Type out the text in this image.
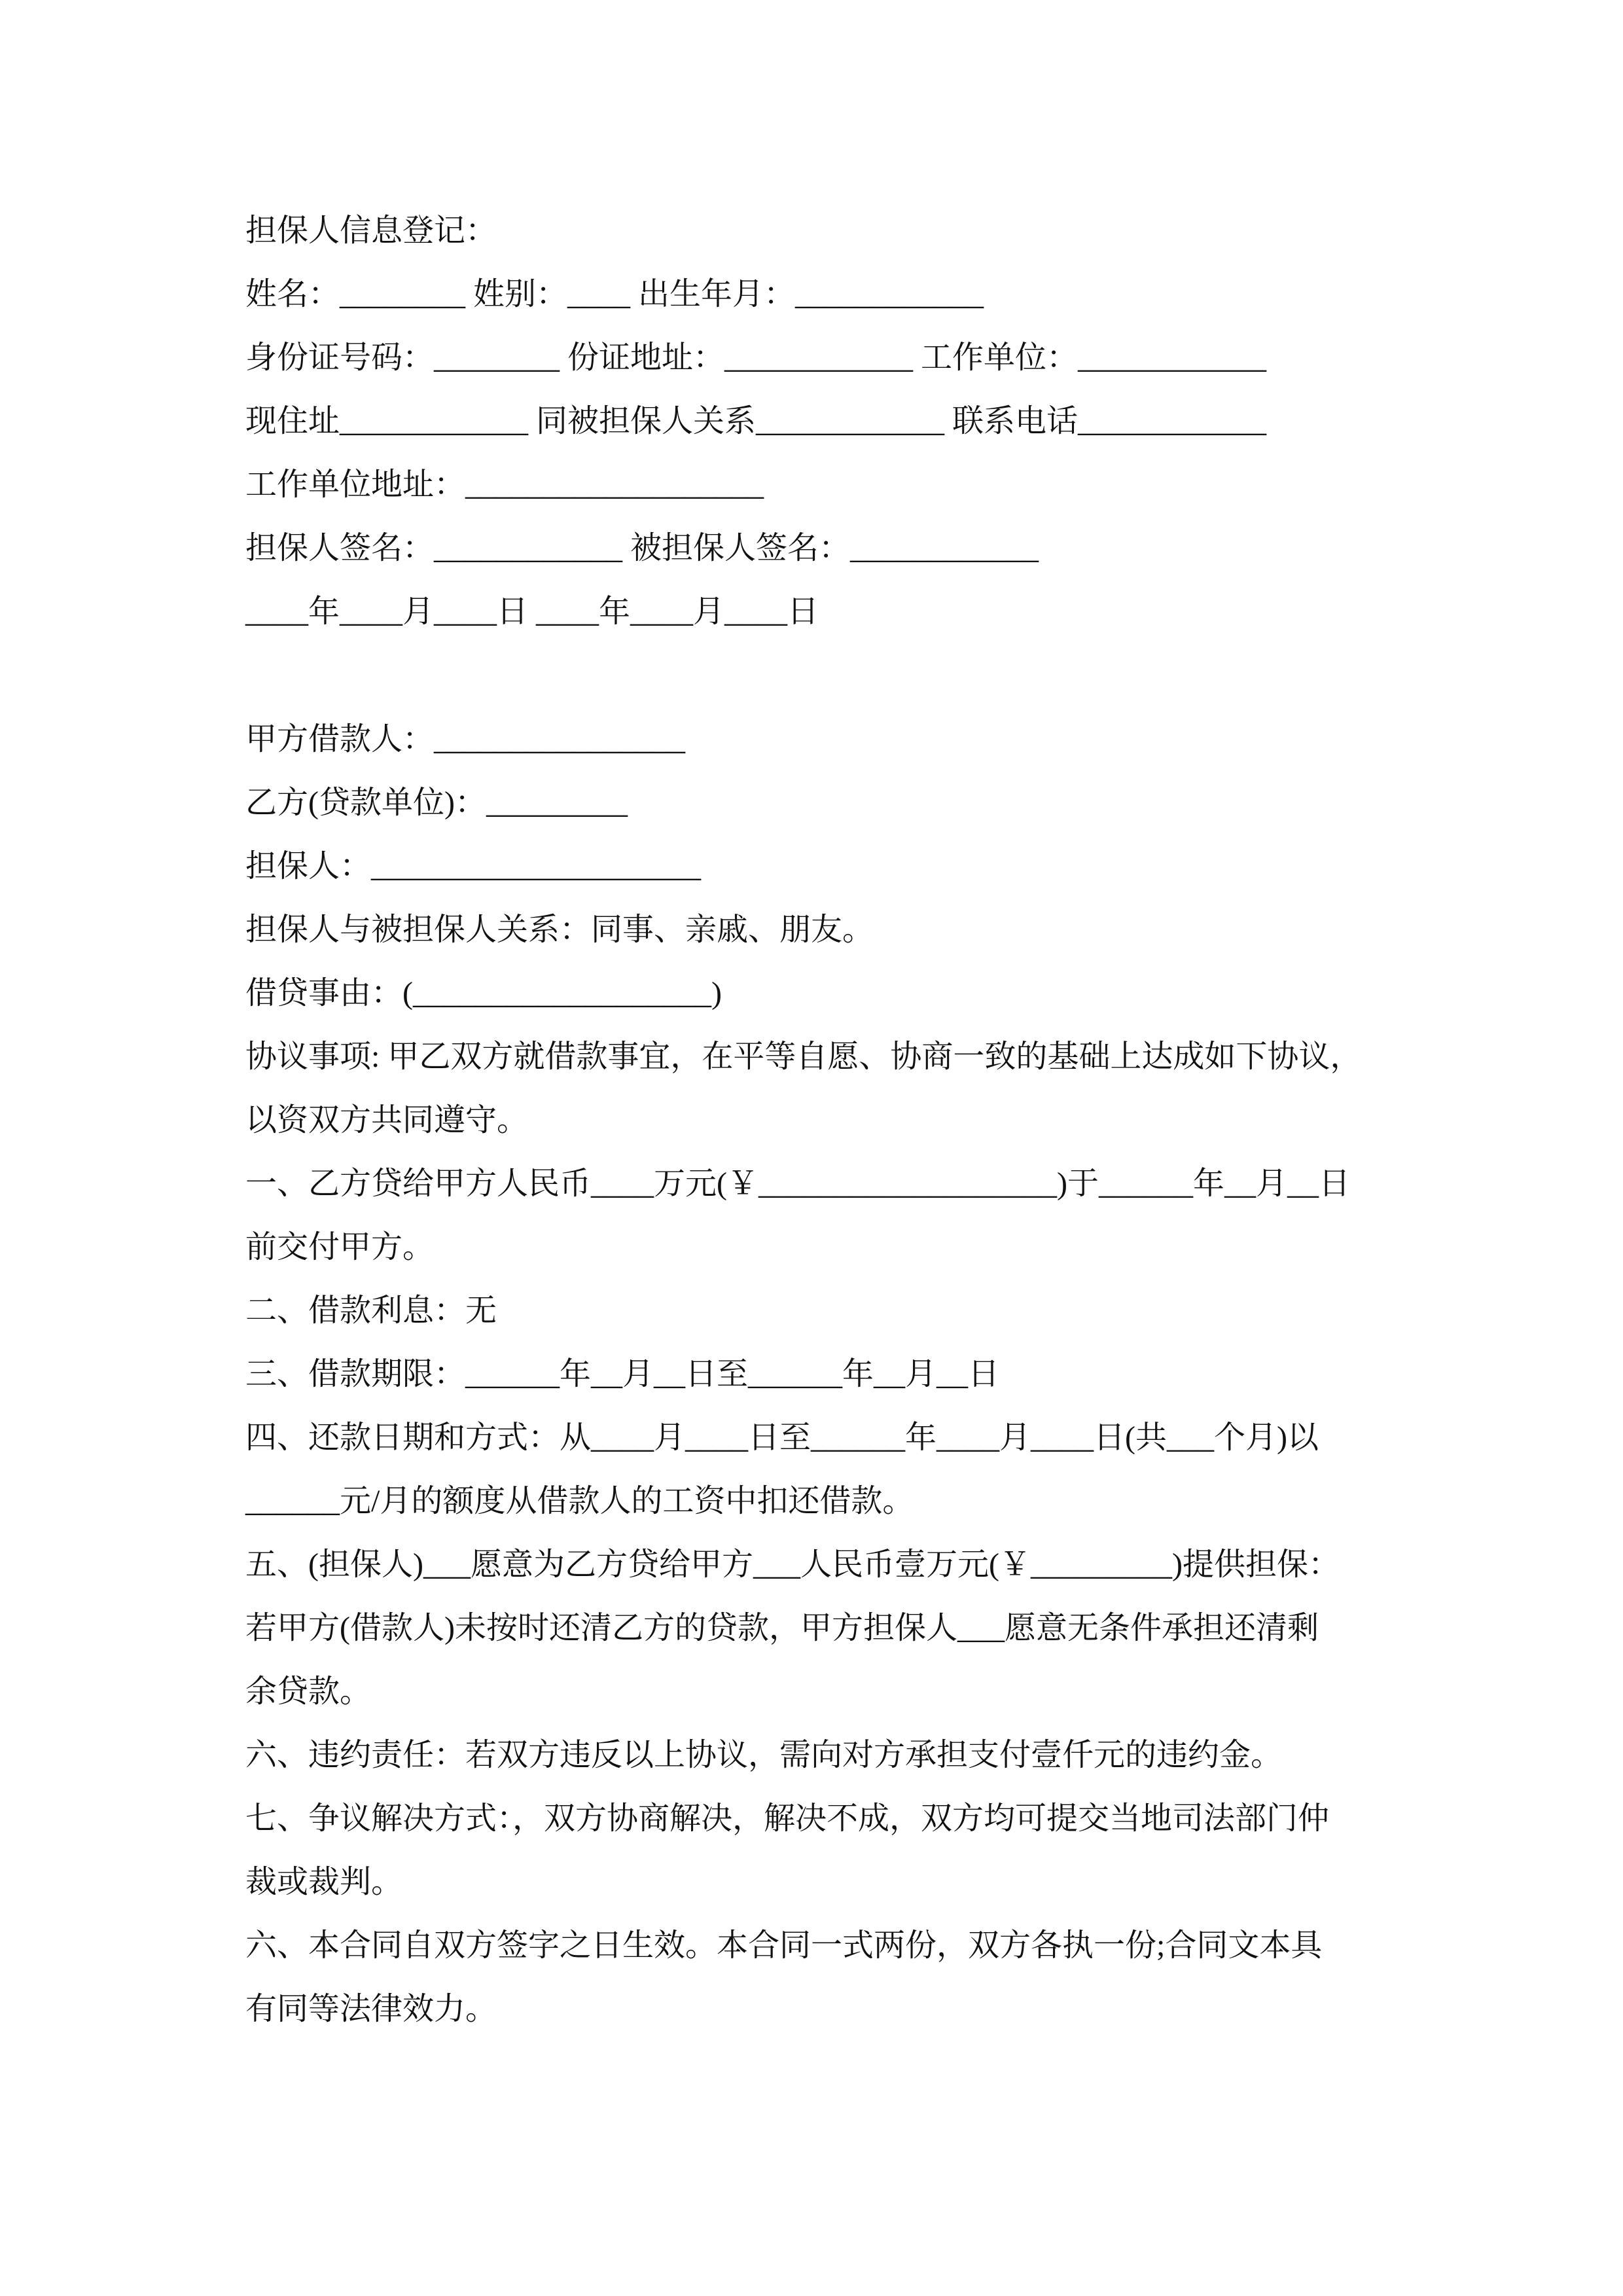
担保人信息登记：
姓名：________ 姓别：____ 出生年月：____________
身份证号码：________ 份证地址：____________ 工作单位：____________
现住址____________ 同被担保人关系____________ 联系电话____________
工作单位地址：___________________
担保人签名：____________ 被担保人签名：____________
____年____月____日 ____年____月____日
甲方借款人：________________
乙方(贷款单位)：_________
担保人：_____________________
担保人与被担保人关系：同事、亲戚、朋友。
借贷事由：(___________________)
协议事项: 甲乙双方就借款事宜，在平等自愿、协商一致的基础上达成如下协议，
以资双方共同遵守。
一、乙方贷给甲方人民币____万元(￥___________________)于______年__月__日
前交付甲方。
二、借款利息：无
三、借款期限：______年__月__日至______年__月__日
四、还款日期和方式：从____月____日至______年____月____日(共___个月)以
______元/月的额度从借款人的工资中扣还借款。
五、(担保人)___愿意为乙方贷给甲方___人民币壹万元(￥_________)提供担保：
若甲方(借款人)未按时还清乙方的贷款，甲方担保人___愿意无条件承担还清剩
余贷款。
六、违约责任：若双方违反以上协议，需向对方承担支付壹仟元的违约金。
七、争议解决方式：，双方协商解决，解决不成，双方均可提交当地司法部门仲
裁或裁判。
六、本合同自双方签字之日生效。本合同一式两份，双方各执一份;合同文本具
有同等法律效力。
